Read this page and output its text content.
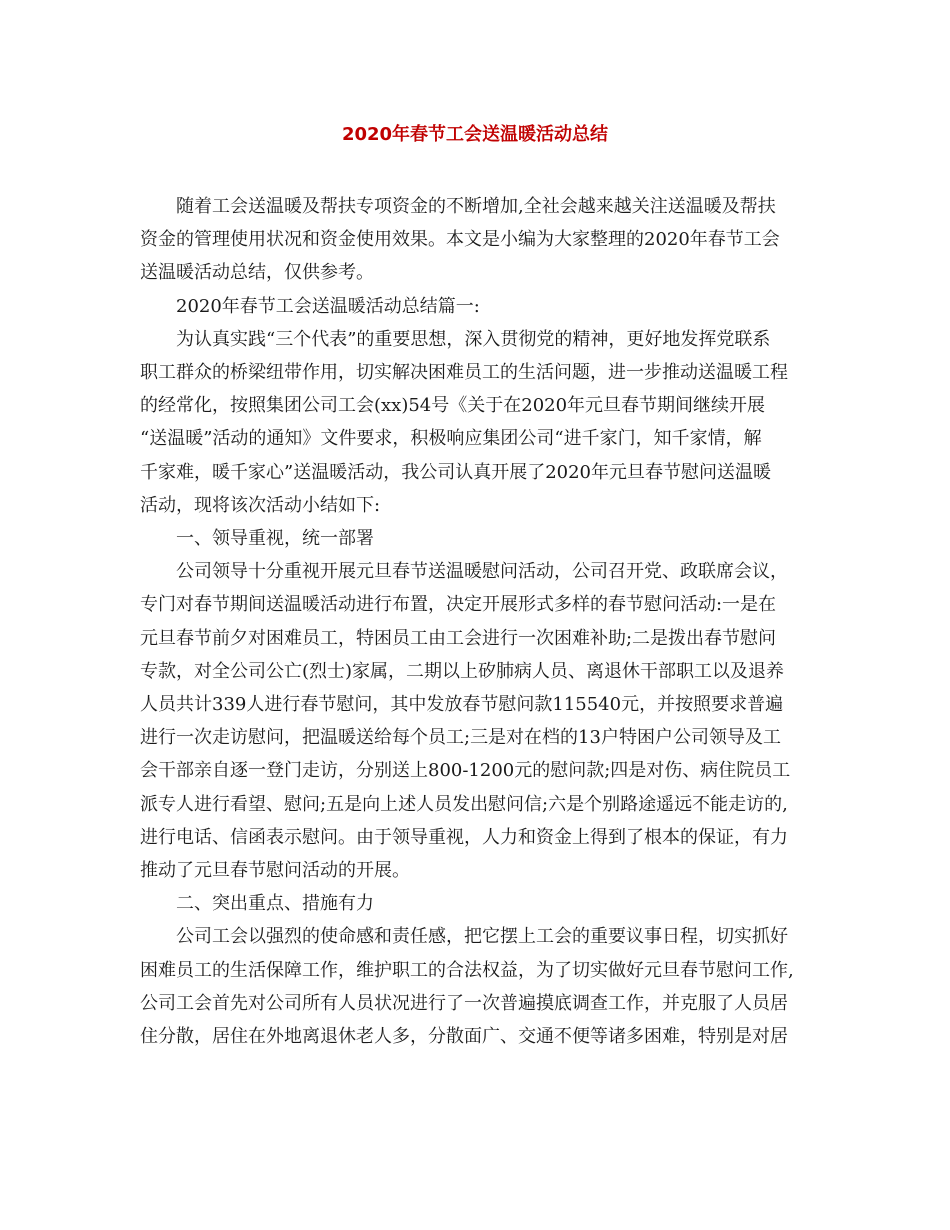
2020年春节工会送温暖活动总结

随着工会送温暖及帮扶专项资金的不断增加,全社会越来越关注送温暖及帮扶
资金的管理使用状况和资金使用效果。本文是小编为大家整理的2020年春节工会
送温暖活动总结，仅供参考。

2020年春节工会送温暖活动总结篇一:

为认真实践“三个代表”的重要思想，深入贯彻党的精神，更好地发挥党联系
职工群众的桥梁纽带作用，切实解决困难员工的生活问题，进一步推动送温暖工程
的经常化，按照集团公司工会(xx)54号《关于在2020年元旦春节期间继续开展
“送温暖”活动的通知》文件要求，积极响应集团公司“进千家门，知千家情，解
千家难，暖千家心”送温暖活动，我公司认真开展了2020年元旦春节慰问送温暖
活动，现将该次活动小结如下:

一、领导重视，统一部署

公司领导十分重视开展元旦春节送温暖慰问活动，公司召开党、政联席会议，
专门对春节期间送温暖活动进行布置，决定开展形式多样的春节慰问活动:一是在
元旦春节前夕对困难员工，特困员工由工会进行一次困难补助;二是拨出春节慰问
专款，对全公司公亡(烈士)家属，二期以上矽肺病人员、离退休干部职工以及退养
人员共计339人进行春节慰问，其中发放春节慰问款115540元，并按照要求普遍
进行一次走访慰问，把温暖送给每个员工;三是对在档的13户特困户公司领导及工
会干部亲自逐一登门走访，分别送上800-1200元的慰问款;四是对伤、病住院员工
派专人进行看望、慰问;五是向上述人员发出慰问信;六是个别路途遥远不能走访的,
进行电话、信函表示慰问。由于领导重视，人力和资金上得到了根本的保证，有力
推动了元旦春节慰问活动的开展。

二、突出重点、措施有力

公司工会以强烈的使命感和责任感，把它摆上工会的重要议事日程，切实抓好
困难员工的生活保障工作，维护职工的合法权益，为了切实做好元旦春节慰问工作,
公司工会首先对公司所有人员状况进行了一次普遍摸底调查工作，并克服了人员居
住分散，居住在外地离退休老人多，分散面广、交通不便等诸多困难，特别是对居
